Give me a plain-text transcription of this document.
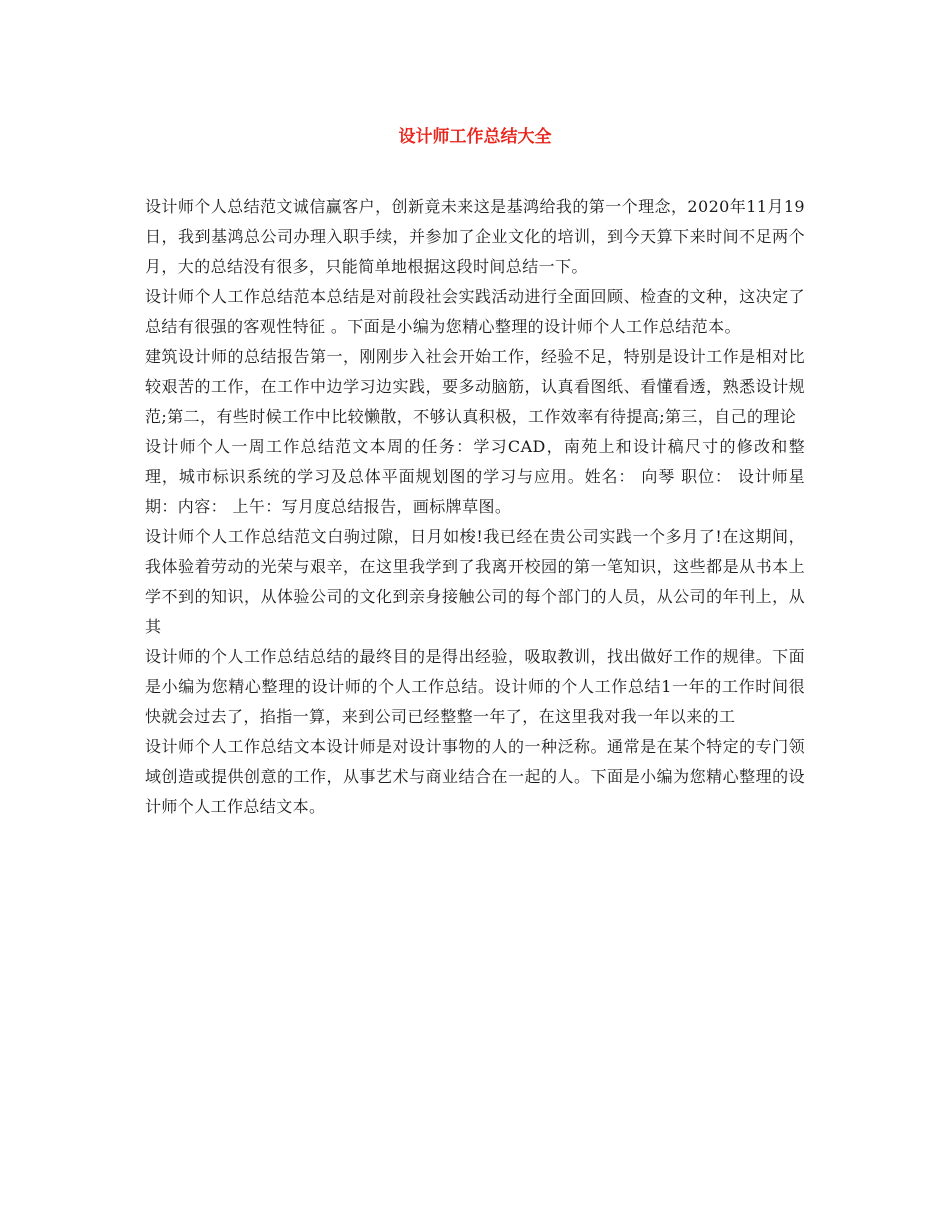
设计师工作总结大全

设计师个人总结范文诚信赢客户，创新竟未来这是基鸿给我的第一个理念，2020年11月19日，我到基鸿总公司办理入职手续，并参加了企业文化的培训，到今天算下来时间不足两个月，大的总结没有很多，只能简单地根据这段时间总结一下。

设计师个人工作总结范本总结是对前段社会实践活动进行全面回顾、检查的文种，这决定了总结有很强的客观性特征 。下面是小编为您精心整理的设计师个人工作总结范本。

建筑设计师的总结报告第一，刚刚步入社会开始工作，经验不足，特别是设计工作是相对比较艰苦的工作，在工作中边学习边实践，要多动脑筋，认真看图纸、看懂看透，熟悉设计规范;第二，有些时候工作中比较懒散，不够认真积极，工作效率有待提高;第三，自己的理论

设计师个人一周工作总结范文本周的任务：学习CAD，南苑上和设计稿尺寸的修改和整理，城市标识系统的学习及总体平面规划图的学习与应用。姓名： 向琴 职位： 设计师星期：内容： 上午：写月度总结报告，画标牌草图。

设计师个人工作总结范文白驹过隙，日月如梭!我已经在贵公司实践一个多月了!在这期间，我体验着劳动的光荣与艰辛，在这里我学到了我离开校园的第一笔知识，这些都是从书本上学不到的知识，从体验公司的文化到亲身接触公司的每个部门的人员，从公司的年刊上，从其

设计师的个人工作总结总结的最终目的是得出经验，吸取教训，找出做好工作的规律。下面是小编为您精心整理的设计师的个人工作总结。设计师的个人工作总结1一年的工作时间很快就会过去了，掐指一算，来到公司已经整整一年了，在这里我对我一年以来的工

设计师个人工作总结文本设计师是对设计事物的人的一种泛称。通常是在某个特定的专门领域创造或提供创意的工作，从事艺术与商业结合在一起的人。下面是小编为您精心整理的设计师个人工作总结文本。
